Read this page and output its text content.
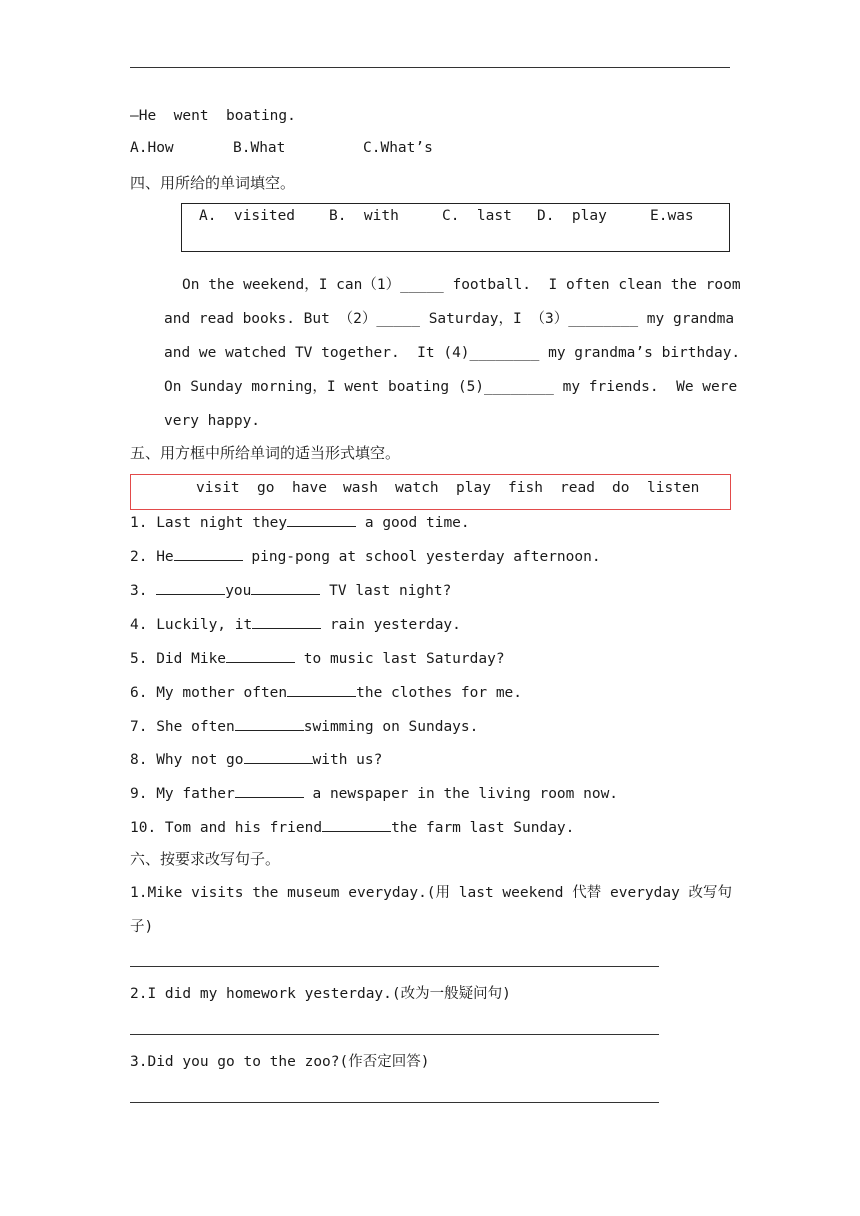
—He  went  boating.
A.How	B.What	C.What’s
四、用所给的单词填空。
A.  visited B.  with	C.  last D.  play	E.was
On the weekend，I can（1）_____ football.  I often clean the room
and read books. But （2）_____ Saturday，I （3）________ my grandma
and we watched TV together.  It (4)________ my grandma’s birthday.
On Sunday morning，I went boating (5)________ my friends.  We were
very happy.
五、用方框中所给单词的适当形式填空。
visit go have wash watch play fish read do listen
1. Last night they	a good time.
2. He	ping-pong at school yesterday afternoon.
3.	you	TV last night?
4. Luckily, it	rain yesterday.
5. Did Mike	to music last Saturday?
6. My mother often	the clothes for me.
7. She often	swimming on Sundays.
8. Why not go	with us?
9. My father	a newspaper in the living room now.
10. Tom and his friend	the farm last Sunday.
六、按要求改写句子。
1.Mike visits the museum everyday.(用 last weekend 代替 everyday 改写句
子)
2.I did my homework yesterday.(改为一般疑问句)
3.Did you go to the zoo?(作否定回答)
